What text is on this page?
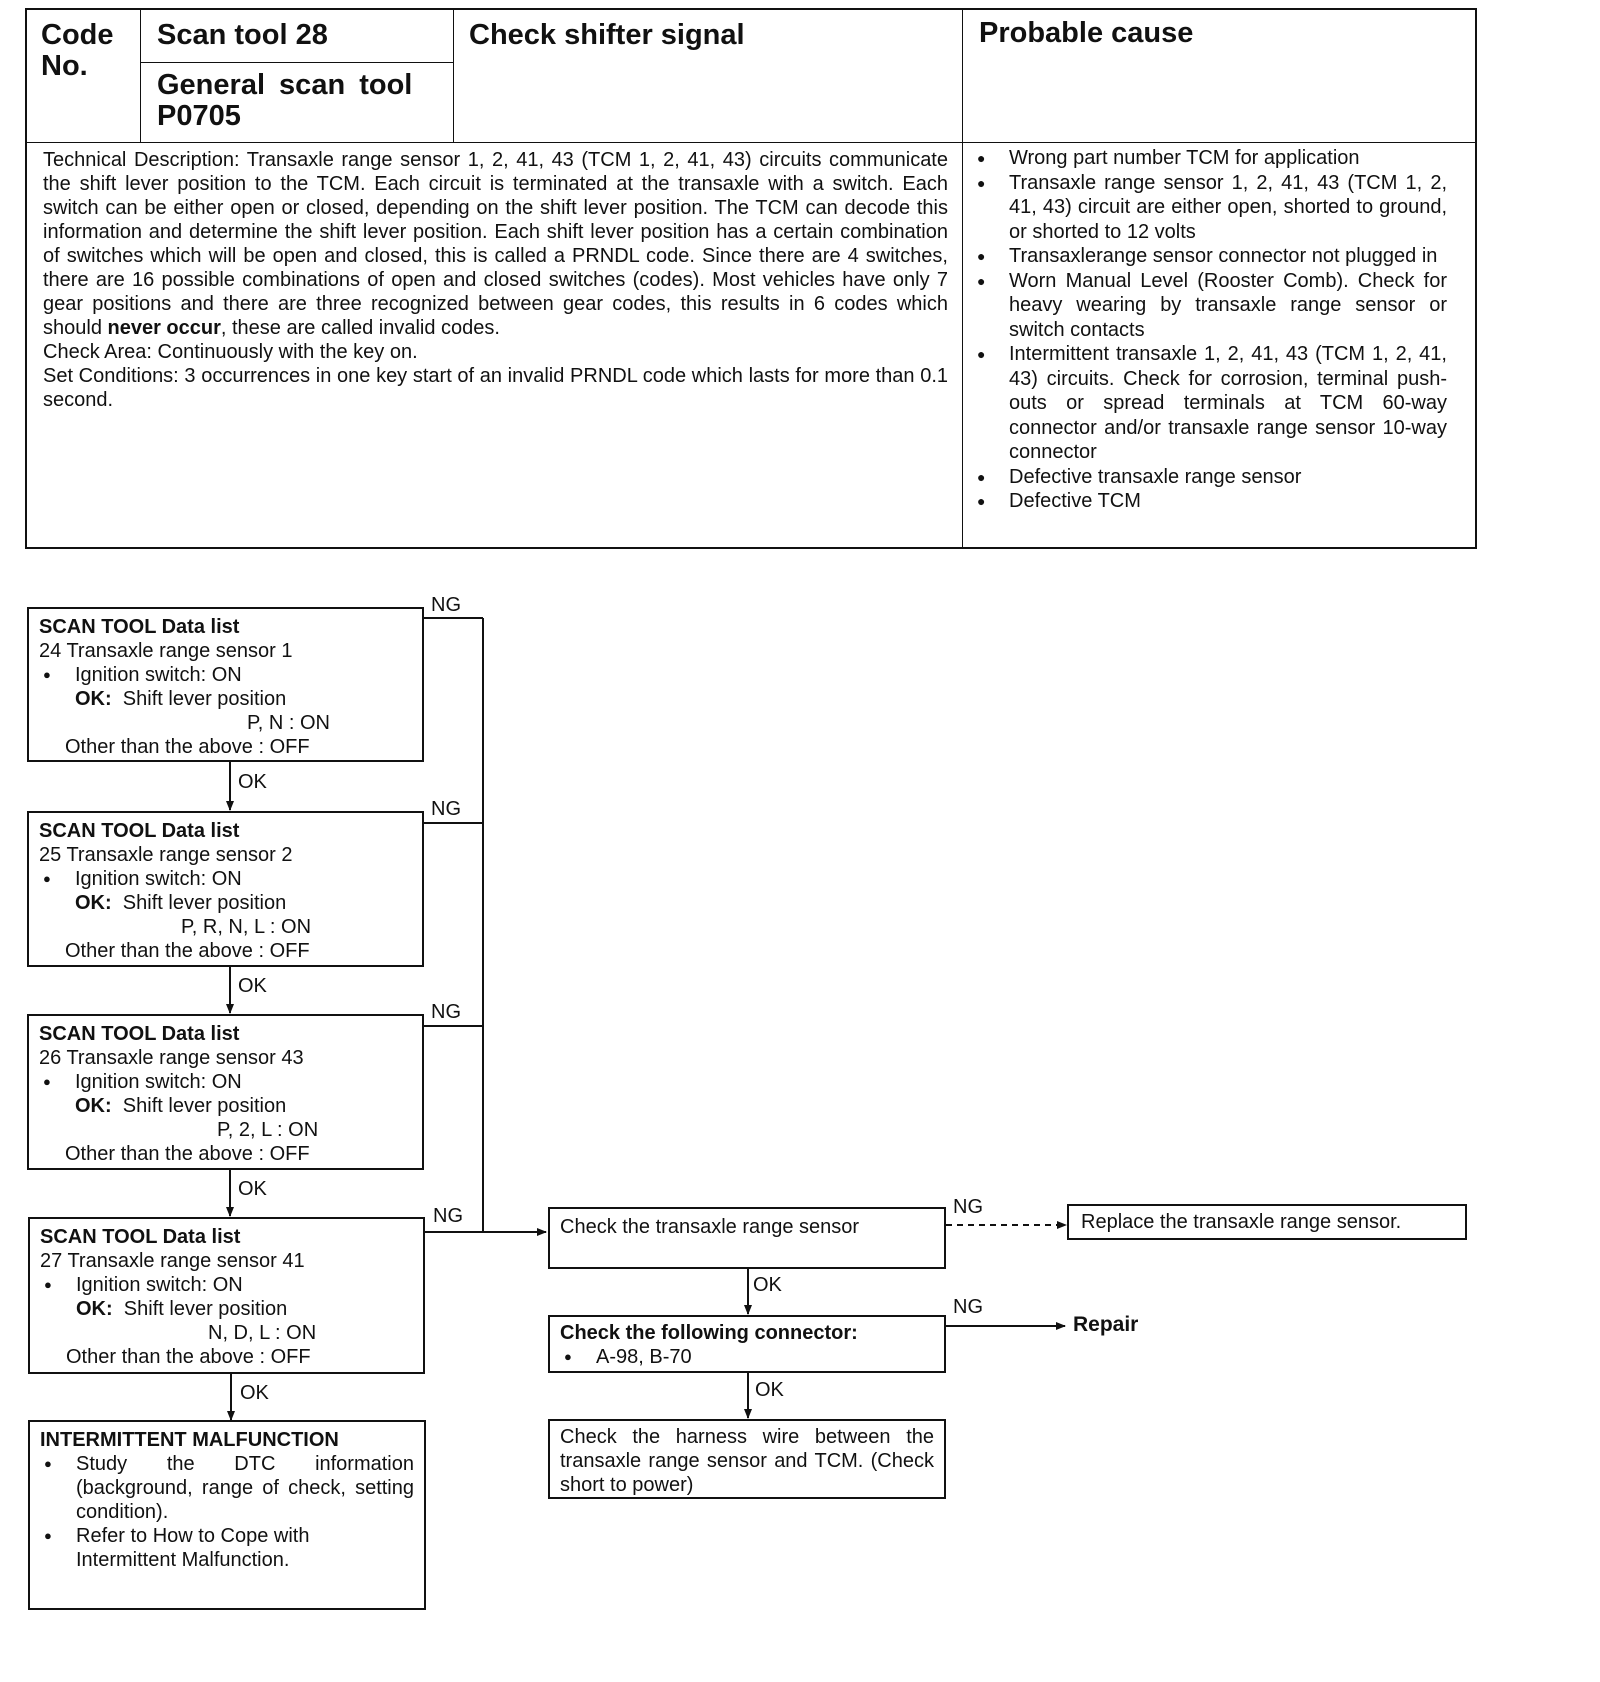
Code No.
Scan tool 28
General scan tool P0705
Check shifter signal	Probable cause
Technical Description: Transaxle range sensor 1, 2, 41, 43 (TCM 1, 2, 41, 43) circuits communicate the shift lever position to the TCM. Each circuit is terminated at the transaxle with a switch. Each switch can be either open or closed, depending on the shift lever position. The TCM can decode this information and determine the shift lever position. Each shift lever position has a certain combination of switches which will be open and closed, this is called a PRNDL code. Since there are 4 switches, there are 16 possible combinations of open and closed switches (codes). Most vehicles have only 7 gear positions and there are three recognized between gear codes, this results in 6 codes which should never occur, these are called invalid codes.
Check Area: Continuously with the key on.
Set Conditions: 3 occurrences in one key start of an invalid PRNDL code which lasts for more than 0.1 second.
● Wrong part number TCM for application
● Transaxle range sensor 1, 2, 41, 43 (TCM 1, 2, 41, 43) circuit are either open, shorted to ground, or shorted to 12 volts
● Transaxlerange sensor connector not plugged in
● Worn Manual Level (Rooster Comb). Check for heavy wearing by transaxle range sensor or switch contacts
● Intermittent transaxle 1, 2, 41, 43 (TCM 1, 2, 41, 43) circuits. Check for corrosion, terminal push-outs or spread terminals at TCM 60-way connector and/or transaxle range sensor 10-way connector
● Defective transaxle range sensor
● Defective TCM
NG
NG
NG
NG
OK
OK
OK
OK
OK
OK
NG
NG
SCAN TOOL Data list
24 Transaxle range sensor 1
● Ignition switch: ON
OK: Shift lever position
P, N : ON
Other than the above : OFF
SCAN TOOL Data list
25 Transaxle range sensor 2
● Ignition switch: ON
OK: Shift lever position
P, R, N, L : ON
Other than the above : OFF
SCAN TOOL Data list
26 Transaxle range sensor 43
● Ignition switch: ON
OK: Shift lever position
P, 2, L : ON
Other than the above : OFF
SCAN TOOL Data list
27 Transaxle range sensor 41
● Ignition switch: ON
OK: Shift lever position
N, D, L : ON
Other than the above : OFF
INTERMITTENT MALFUNCTION
● Study the DTC information (background, range of check, setting condition).
● Refer to How to Cope with Intermittent Malfunction.
Check the transaxle range sensor	Replace the transaxle range sensor.
Check the following connector:
● A-98, B-70
Repair
Check the harness wire between the transaxle range sensor and TCM. (Check short to power)
